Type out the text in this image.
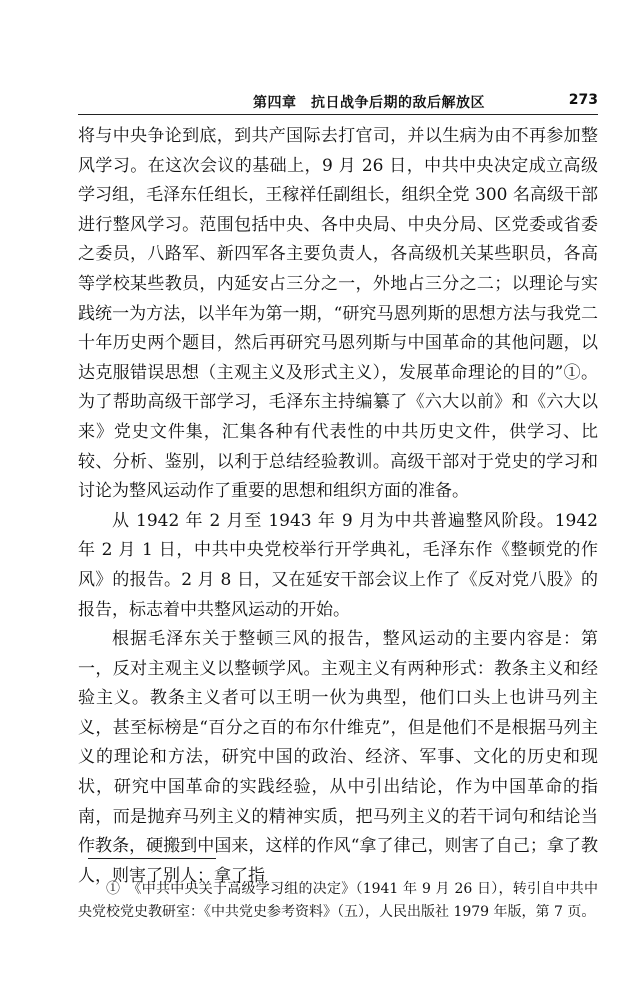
第四章　抗日战争后期的敌后解放区	273

将与中央争论到底，到共产国际去打官司，并以生病为由不再参加整风学习。在这次会议的基础上，9 月 26 日，中共中央决定成立高级学习组，毛泽东任组长，王稼祥任副组长，组织全党 300 名高级干部进行整风学习。范围包括中央、各中央局、中央分局、区党委或省委之委员，八路军、新四军各主要负责人，各高级机关某些职员，各高等学校某些教员，内延安占三分之一，外地占三分之二；以理论与实践统一为方法，以半年为第一期，“研究马恩列斯的思想方法与我党二十年历史两个题目，然后再研究马恩列斯与中国革命的其他问题，以达克服错误思想（主观主义及形式主义），发展革命理论的目的”①。为了帮助高级干部学习，毛泽东主持编纂了《六大以前》和《六大以来》党史文件集，汇集各种有代表性的中共历史文件，供学习、比较、分析、鉴别，以利于总结经验教训。高级干部对于党史的学习和讨论为整风运动作了重要的思想和组织方面的准备。

从 1942 年 2 月至 1943 年 9 月为中共普遍整风阶段。1942 年 2 月 1 日，中共中央党校举行开学典礼，毛泽东作《整顿党的作风》的报告。2 月 8 日，又在延安干部会议上作了《反对党八股》的报告，标志着中共整风运动的开始。

根据毛泽东关于整顿三风的报告，整风运动的主要内容是：第一，反对主观主义以整顿学风。主观主义有两种形式：教条主义和经验主义。教条主义者可以王明一伙为典型，他们口头上也讲马列主义，甚至标榜是“百分之百的布尔什维克”，但是他们不是根据马列主义的理论和方法，研究中国的政治、经济、军事、文化的历史和现状，研究中国革命的实践经验，从中引出结论，作为中国革命的指南，而是抛弃马列主义的精神实质，把马列主义的若干词句和结论当作教条，硬搬到中国来，这样的作风“拿了律己，则害了自己；拿了教人，则害了别人；拿了指

①　《中共中央关于高级学习组的决定》（1941 年 9 月 26 日），转引自中共中央党校党史教研室：《中共党史参考资料》（五），人民出版社 1979 年版，第 7 页。
